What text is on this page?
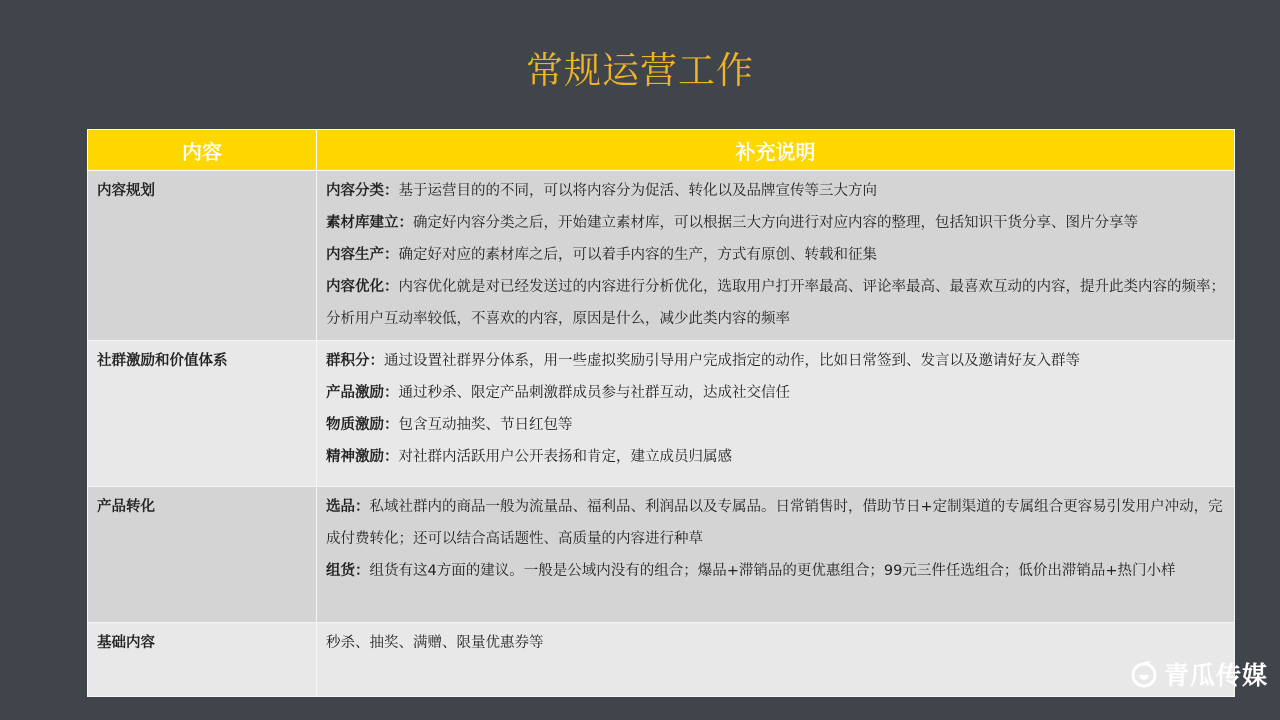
常规运营工作
内容	补充说明
内容规划	内容分类：基于运营目的的不同，可以将内容分为促活、转化以及品牌宣传等三大方向
素材库建立：确定好内容分类之后，开始建立素材库，可以根据三大方向进行对应内容的整理，包括知识干货分享、图片分享等
内容生产：确定好对应的素材库之后，可以着手内容的生产，方式有原创、转载和征集
内容优化：内容优化就是对已经发送过的内容进行分析优化，选取用户打开率最高、评论率最高、最喜欢互动的内容，提升此类内容的频率；分析用户互动率较低，不喜欢的内容，原因是什么，减少此类内容的频率

社群激励和价值体系	群积分：通过设置社群界分体系，用一些虚拟奖励引导用户完成指定的动作，比如日常签到、发言以及邀请好友入群等
产品激励：通过秒杀、限定产品刺激群成员参与社群互动，达成社交信任
物质激励：包含互动抽奖、节日红包等
精神激励：对社群内活跃用户公开表扬和肯定，建立成员归属感

产品转化	选品：私域社群内的商品一般为流量品、福利品、利润品以及专属品。日常销售时，借助节日+定制渠道的专属组合更容易引发用户冲动，完成付费转化；还可以结合高话题性、高质量的内容进行种草
组货：组货有这4方面的建议。一般是公域内没有的组合；爆品+滞销品的更优惠组合；99元三件任选组合；低价出滞销品+热门小样

基础内容	秒杀、抽奖、满赠、限量优惠券等
青瓜传媒
